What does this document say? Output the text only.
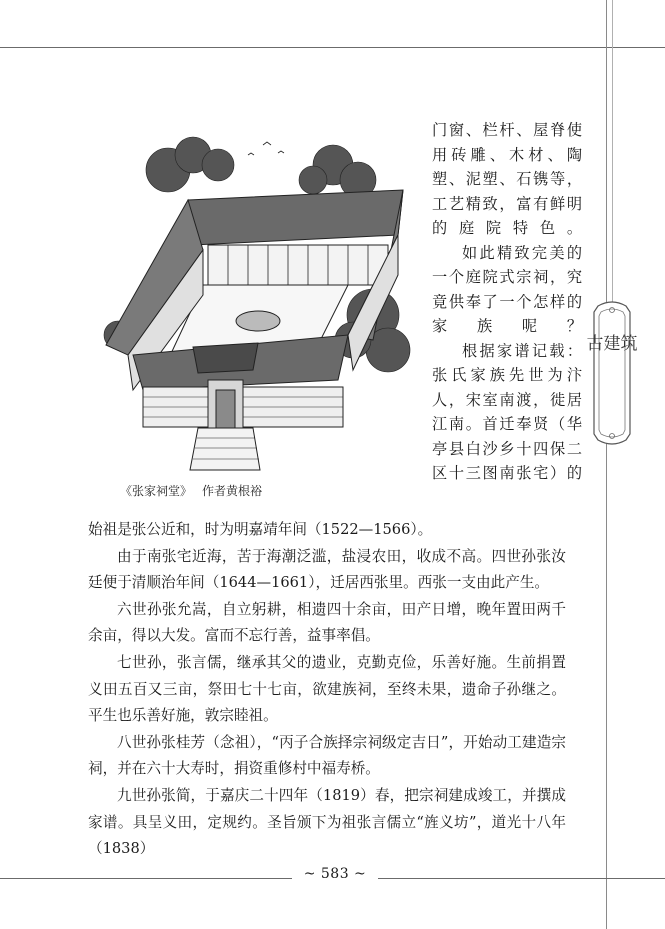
古建筑
《张家祠堂》 作者黄根裕

门窗、栏杆、屋脊使用砖雕、木材、陶塑、泥塑、石镌等，工艺精致，富有鲜明的庭院特色。

如此精致完美的一个庭院式宗祠，究竟供奉了一个怎样的家族呢？

根据家谱记载：张氏家族先世为汴人，宋室南渡，徙居江南。首迁奉贤（华亭县白沙乡十四保二区十三图南张宅）的

始祖是张公近和，时为明嘉靖年间（1522—1566）。

由于南张宅近海，苦于海潮泛滥，盐浸农田，收成不高。四世孙张汝廷便于清顺治年间（1644—1661），迁居西张里。西张一支由此产生。

六世孙张允嵩，自立躬耕，相遗四十余亩，田产日增，晚年置田两千余亩，得以大发。富而不忘行善，益事率倡。

七世孙，张言儒，继承其父的遗业，克勤克俭，乐善好施。生前捐置义田五百又三亩，祭田七十七亩，欲建族祠，至终未果，遗命子孙继之。平生也乐善好施，敦宗睦祖。

八世孙张桂芳（念祖），“丙子合族择宗祠级定吉日”，开始动工建造宗祠，并在六十大寿时，捐资重修村中福寿桥。

九世孙张简，于嘉庆二十四年（1819）春，把宗祠建成竣工，并撰成家谱。具呈义田，定规约。圣旨颁下为祖张言儒立“旌义坊”，道光十八年（1838）

~ 583 ~
